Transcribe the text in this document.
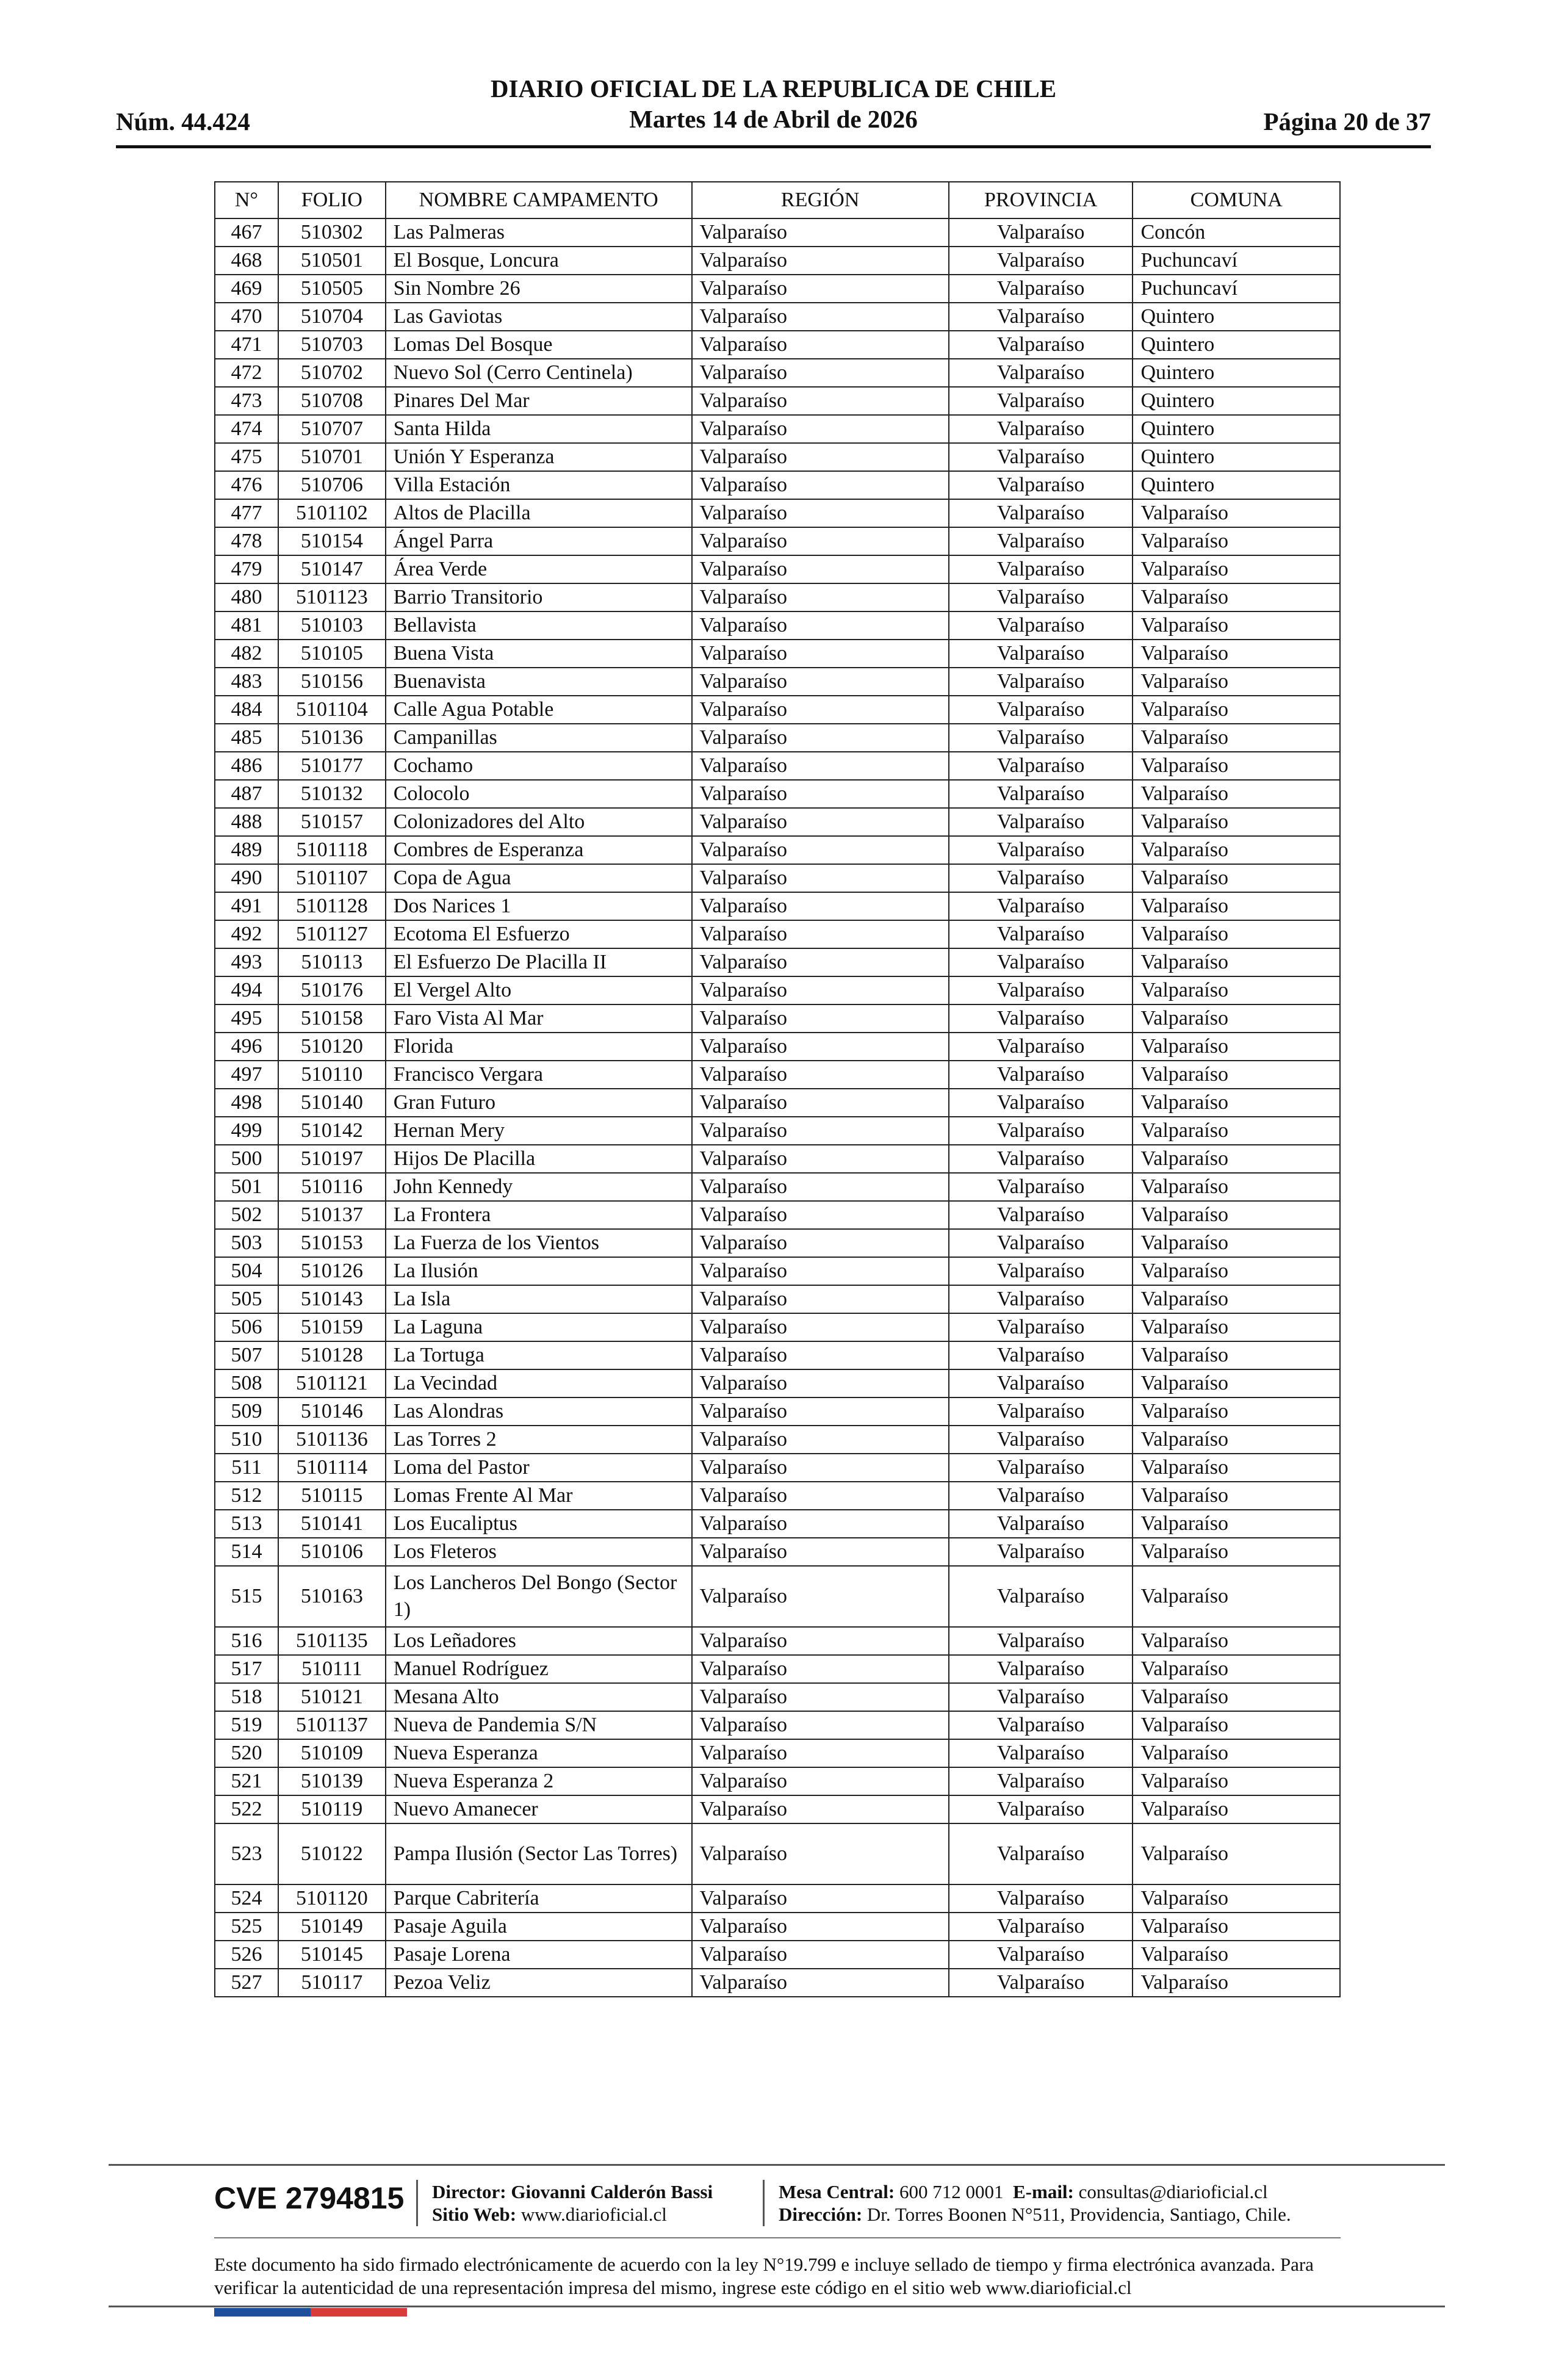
DIARIO OFICIAL DE LA REPUBLICA DE CHILE
Núm. 44.424	Martes 14 de Abril de 2026	Página 20 de 37
N°	FOLIO	NOMBRE CAMPAMENTO	REGIÓN	PROVINCIA	COMUNA
467	510302	Las Palmeras	Valparaíso	Valparaíso	Concón
468	510501	El Bosque, Loncura	Valparaíso	Valparaíso	Puchuncaví
469	510505	Sin Nombre 26	Valparaíso	Valparaíso	Puchuncaví
470	510704	Las Gaviotas	Valparaíso	Valparaíso	Quintero
471	510703	Lomas Del Bosque	Valparaíso	Valparaíso	Quintero
472	510702	Nuevo Sol (Cerro Centinela)	Valparaíso	Valparaíso	Quintero
473	510708	Pinares Del Mar	Valparaíso	Valparaíso	Quintero
474	510707	Santa Hilda	Valparaíso	Valparaíso	Quintero
475	510701	Unión Y Esperanza	Valparaíso	Valparaíso	Quintero
476	510706	Villa Estación	Valparaíso	Valparaíso	Quintero
477	5101102	Altos de Placilla	Valparaíso	Valparaíso	Valparaíso
478	510154	Ángel Parra	Valparaíso	Valparaíso	Valparaíso
479	510147	Área Verde	Valparaíso	Valparaíso	Valparaíso
480	5101123	Barrio Transitorio	Valparaíso	Valparaíso	Valparaíso
481	510103	Bellavista	Valparaíso	Valparaíso	Valparaíso
482	510105	Buena Vista	Valparaíso	Valparaíso	Valparaíso
483	510156	Buenavista	Valparaíso	Valparaíso	Valparaíso
484	5101104	Calle Agua Potable	Valparaíso	Valparaíso	Valparaíso
485	510136	Campanillas	Valparaíso	Valparaíso	Valparaíso
486	510177	Cochamo	Valparaíso	Valparaíso	Valparaíso
487	510132	Colocolo	Valparaíso	Valparaíso	Valparaíso
488	510157	Colonizadores del Alto	Valparaíso	Valparaíso	Valparaíso
489	5101118	Combres de Esperanza	Valparaíso	Valparaíso	Valparaíso
490	5101107	Copa de Agua	Valparaíso	Valparaíso	Valparaíso
491	5101128	Dos Narices 1	Valparaíso	Valparaíso	Valparaíso
492	5101127	Ecotoma El Esfuerzo	Valparaíso	Valparaíso	Valparaíso
493	510113	El Esfuerzo De Placilla II	Valparaíso	Valparaíso	Valparaíso
494	510176	El Vergel Alto	Valparaíso	Valparaíso	Valparaíso
495	510158	Faro Vista Al Mar	Valparaíso	Valparaíso	Valparaíso
496	510120	Florida	Valparaíso	Valparaíso	Valparaíso
497	510110	Francisco Vergara	Valparaíso	Valparaíso	Valparaíso
498	510140	Gran Futuro	Valparaíso	Valparaíso	Valparaíso
499	510142	Hernan Mery	Valparaíso	Valparaíso	Valparaíso
500	510197	Hijos De Placilla	Valparaíso	Valparaíso	Valparaíso
501	510116	John Kennedy	Valparaíso	Valparaíso	Valparaíso
502	510137	La Frontera	Valparaíso	Valparaíso	Valparaíso
503	510153	La Fuerza de los Vientos	Valparaíso	Valparaíso	Valparaíso
504	510126	La Ilusión	Valparaíso	Valparaíso	Valparaíso
505	510143	La Isla	Valparaíso	Valparaíso	Valparaíso
506	510159	La Laguna	Valparaíso	Valparaíso	Valparaíso
507	510128	La Tortuga	Valparaíso	Valparaíso	Valparaíso
508	5101121	La Vecindad	Valparaíso	Valparaíso	Valparaíso
509	510146	Las Alondras	Valparaíso	Valparaíso	Valparaíso
510	5101136	Las Torres 2	Valparaíso	Valparaíso	Valparaíso
511	5101114	Loma del Pastor	Valparaíso	Valparaíso	Valparaíso
512	510115	Lomas Frente Al Mar	Valparaíso	Valparaíso	Valparaíso
513	510141	Los Eucaliptus	Valparaíso	Valparaíso	Valparaíso
514	510106	Los Fleteros	Valparaíso	Valparaíso	Valparaíso
515	510163	Los Lancheros Del Bongo (Sector 1)	Valparaíso	Valparaíso	Valparaíso
516	5101135	Los Leñadores	Valparaíso	Valparaíso	Valparaíso
517	510111	Manuel Rodríguez	Valparaíso	Valparaíso	Valparaíso
518	510121	Mesana Alto	Valparaíso	Valparaíso	Valparaíso
519	5101137	Nueva de Pandemia S/N	Valparaíso	Valparaíso	Valparaíso
520	510109	Nueva Esperanza	Valparaíso	Valparaíso	Valparaíso
521	510139	Nueva Esperanza 2	Valparaíso	Valparaíso	Valparaíso
522	510119	Nuevo Amanecer	Valparaíso	Valparaíso	Valparaíso
523	510122	Pampa Ilusión (Sector Las Torres)	Valparaíso	Valparaíso	Valparaíso
524	5101120	Parque Cabritería	Valparaíso	Valparaíso	Valparaíso
525	510149	Pasaje Aguila	Valparaíso	Valparaíso	Valparaíso
526	510145	Pasaje Lorena	Valparaíso	Valparaíso	Valparaíso
527	510117	Pezoa Veliz	Valparaíso	Valparaíso	Valparaíso
CVE 2794815 Director: Giovanni Calderón Bassi
Sitio Web: www.diarioficial.cl
Mesa Central: 600 712 0001 E-mail: consultas@diarioficial.cl
Dirección: Dr. Torres Boonen N°511, Providencia, Santiago, Chile.
Este documento ha sido firmado electrónicamente de acuerdo con la ley N°19.799 e incluye sellado de tiempo y firma electrónica avanzada. Para verificar la autenticidad de una representación impresa del mismo, ingrese este código en el sitio web www.diarioficial.cl
